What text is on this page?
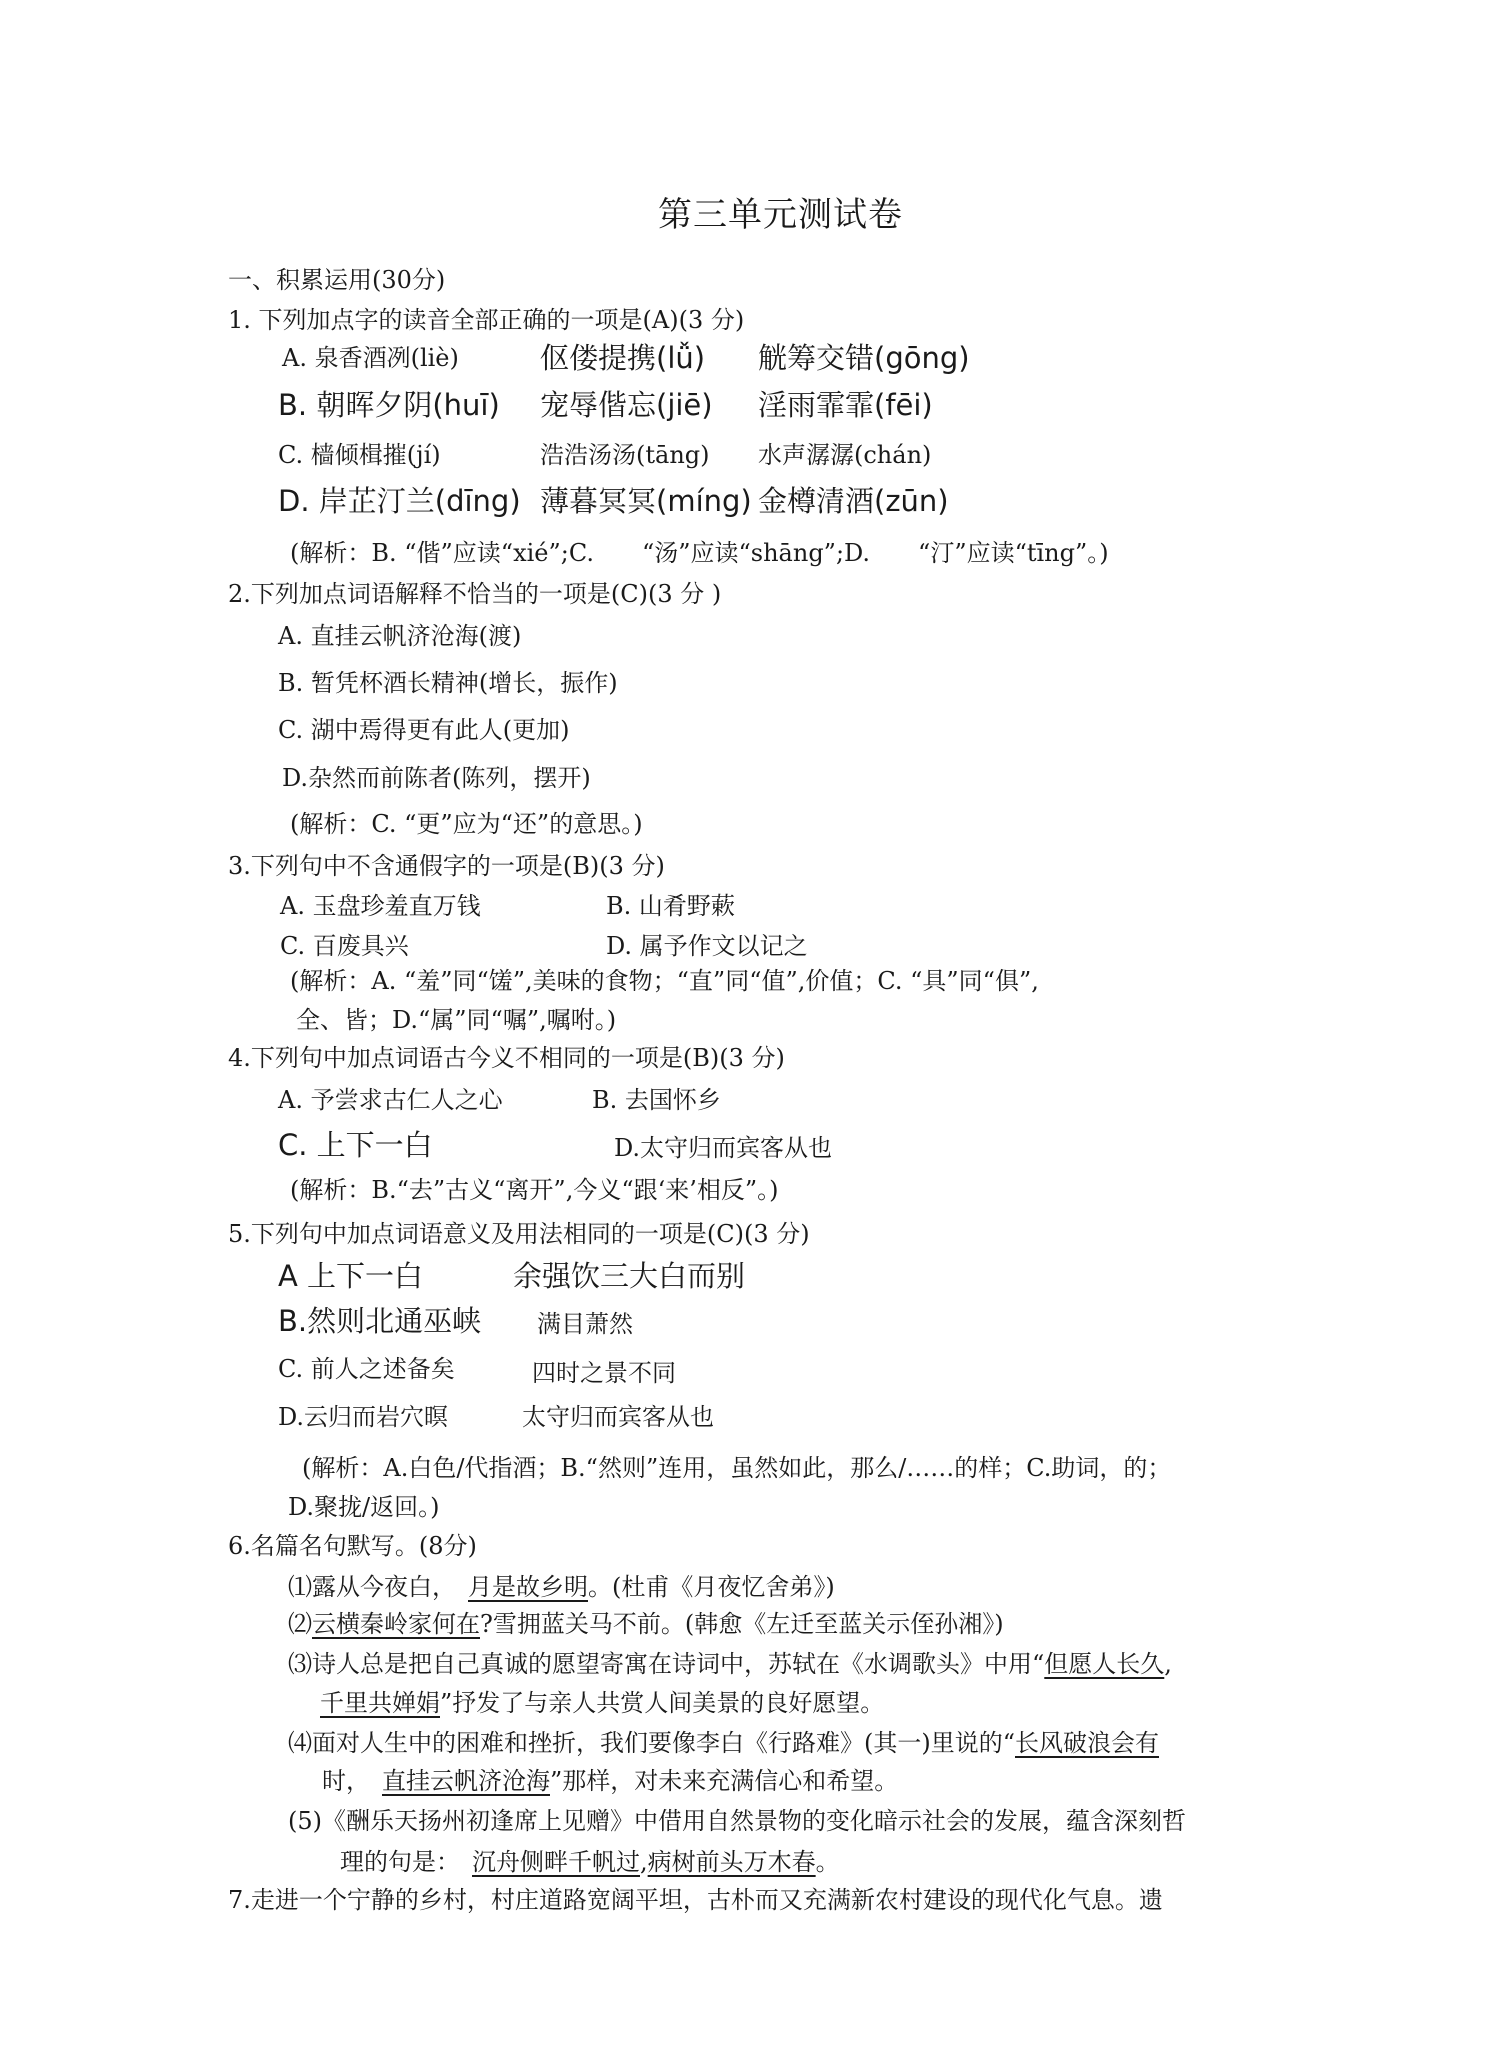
第三单元测试卷
一、积累运用(30分)
1. 下列加点字的读音全部正确的一项是(A)(3 分)
A. 泉香酒冽(liè)	伛偻提携(lǚ) 觥筹交错(gōng)
B. 朝晖夕阴(huī) 宠辱偕忘(jiē) 淫雨霏霏(fēi)
C. 樯倾楫摧(jí)	浩浩汤汤(tāng) 水声潺潺(chán)
D. 岸芷汀兰(dīng) 薄暮冥冥(míng) 金樽清酒(zūn)
(解析：B. “偕”应读“xié”;C.　　“汤”应读“shāng”;D.　　“汀”应读“tīng”。)
2.下列加点词语解释不恰当的一项是(C)(3 分 )
A. 直挂云帆济沧海(渡)
B. 暂凭杯酒长精神(增长，振作)
C. 湖中焉得更有此人(更加)
D.杂然而前陈者(陈列，摆开)
(解析：C. “更”应为“还”的意思。)
3.下列句中不含通假字的一项是(B)(3 分)
A. 玉盘珍羞直万钱	B. 山肴野蔌
C. 百废具兴	D. 属予作文以记之
(解析：A. “羞”同“馐”,美味的食物；“直”同“值”,价值；C. “具”同“俱”,
全、皆；D.“属”同“嘱”,嘱咐。)
4.下列句中加点词语古今义不相同的一项是(B)(3 分)
A. 予尝求古仁人之心	B. 去国怀乡
C. 上下一白	D.太守归而宾客从也
(解析：B.“去”古义“离开”,今义“跟‘来’相反”。)
5.下列句中加点词语意义及用法相同的一项是(C)(3 分)
A 上下一白	余强饮三大白而别
B.然则北通巫峡 满目萧然
C. 前人之述备矣	四时之景不同
D.云归而岩穴暝	太守归而宾客从也
(解析：A.白色/代指酒；B.“然则”连用，虽然如此，那么/……的样；C.助词，的；
D.聚拢/返回。)
6.名篇名句默写。(8分)
⑴露从今夜白，　月是故乡明。(杜甫《月夜忆舍弟》)
⑵云横秦岭家何在?雪拥蓝关马不前。(韩愈《左迁至蓝关示侄孙湘》)
⑶诗人总是把自己真诚的愿望寄寓在诗词中，苏轼在《水调歌头》中用“但愿人长久,
千里共婵娟”抒发了与亲人共赏人间美景的良好愿望。
⑷面对人生中的困难和挫折，我们要像李白《行路难》(其一)里说的“长风破浪会有
时，　直挂云帆济沧海”那样，对未来充满信心和希望。
(5)《酬乐天扬州初逢席上见赠》中借用自然景物的变化暗示社会的发展，蕴含深刻哲
理的句是：　沉舟侧畔千帆过,病树前头万木春。
7.走进一个宁静的乡村，村庄道路宽阔平坦，古朴而又充满新农村建设的现代化气息。遗
